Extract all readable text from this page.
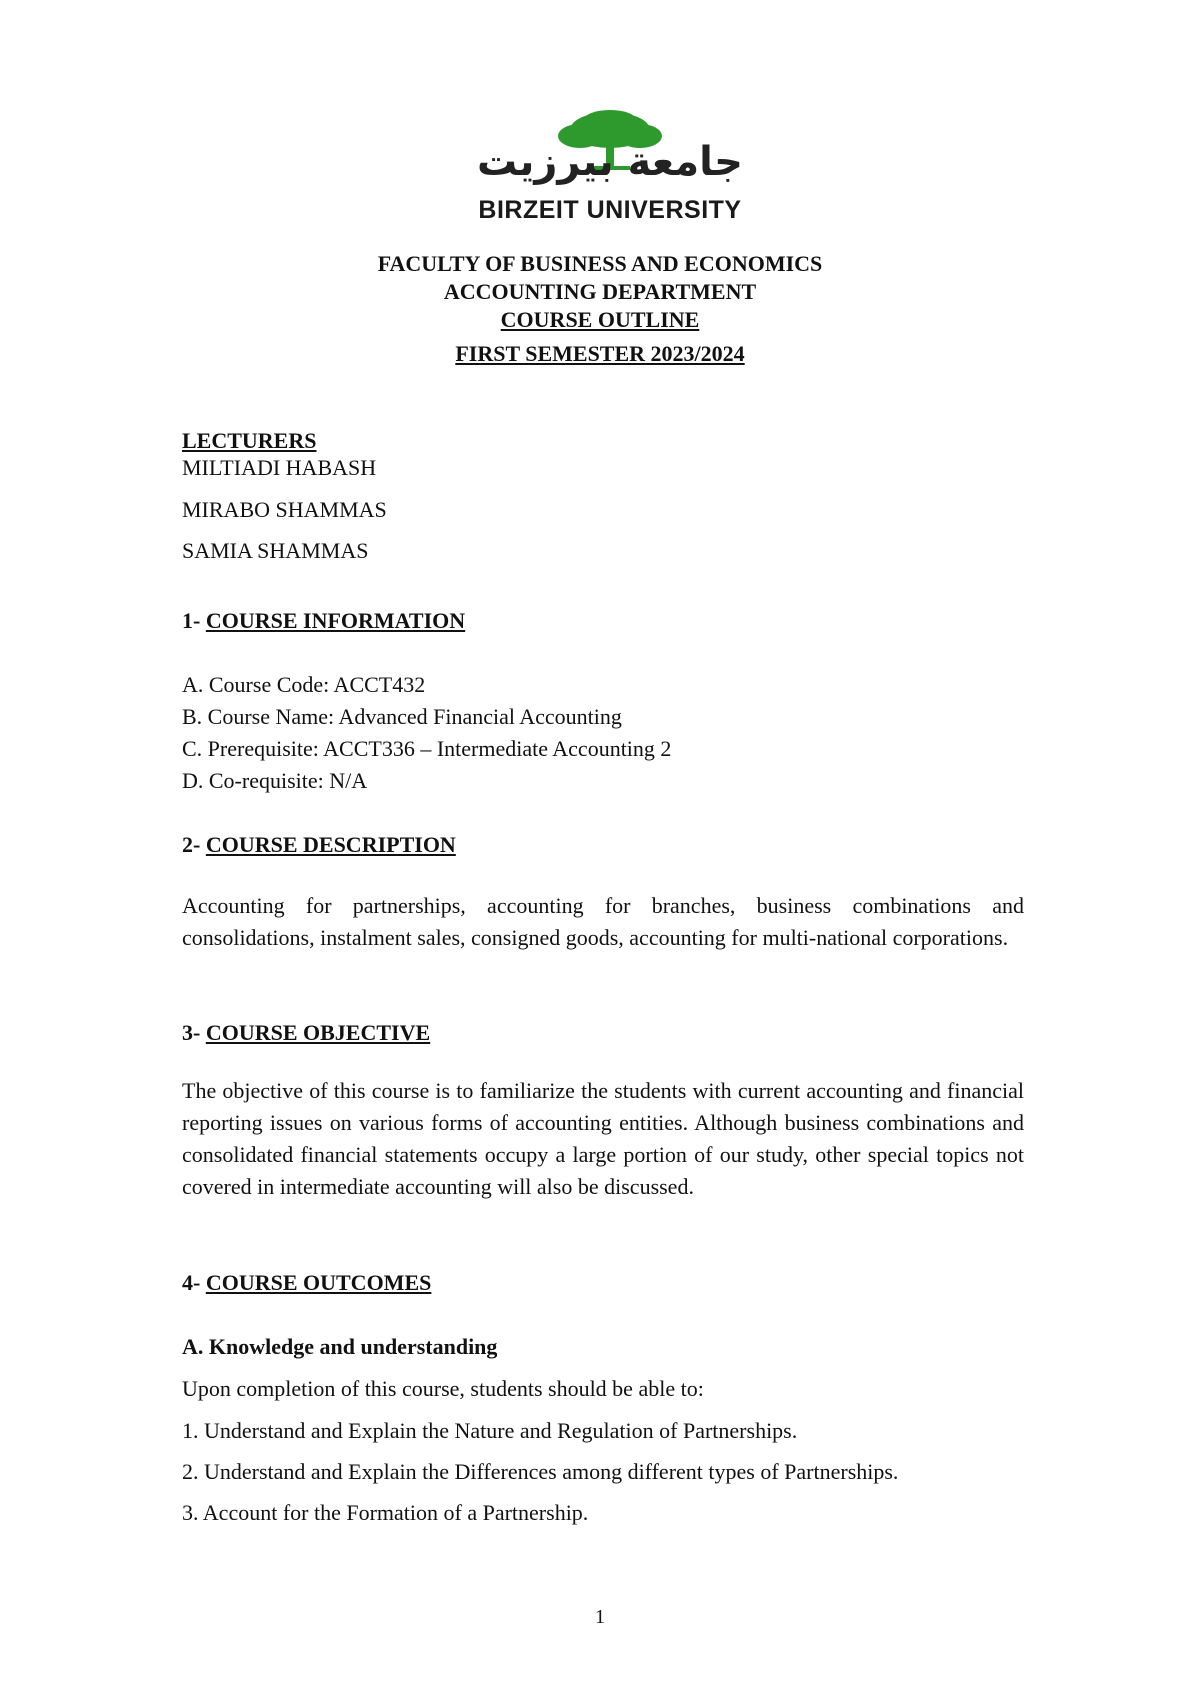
جامعة بيرزيت
BIRZEIT UNIVERSITY
FACULTY OF BUSINESS AND ECONOMICS
ACCOUNTING DEPARTMENT
COURSE OUTLINE
FIRST SEMESTER 2023/2024
LECTURERS
MILTIADI HABASH
MIRABO SHAMMAS
SAMIA SHAMMAS
1- COURSE INFORMATION
A. Course Code: ACCT432
B. Course Name: Advanced Financial Accounting
C. Prerequisite: ACCT336 – Intermediate Accounting 2
D. Co-requisite: N/A
2- COURSE DESCRIPTION
Accounting for partnerships, accounting for branches, business combinations and consolidations, instalment sales, consigned goods, accounting for multi-national corporations.
3- COURSE OBJECTIVE
The objective of this course is to familiarize the students with current accounting and financial reporting issues on various forms of accounting entities. Although business combinations and consolidated financial statements occupy a large portion of our study, other special topics not covered in intermediate accounting will also be discussed.
4- COURSE OUTCOMES
A. Knowledge and understanding
Upon completion of this course, students should be able to:
1. Understand and Explain the Nature and Regulation of Partnerships.
2. Understand and Explain the Differences among different types of Partnerships.
3. Account for the Formation of a Partnership.
1
